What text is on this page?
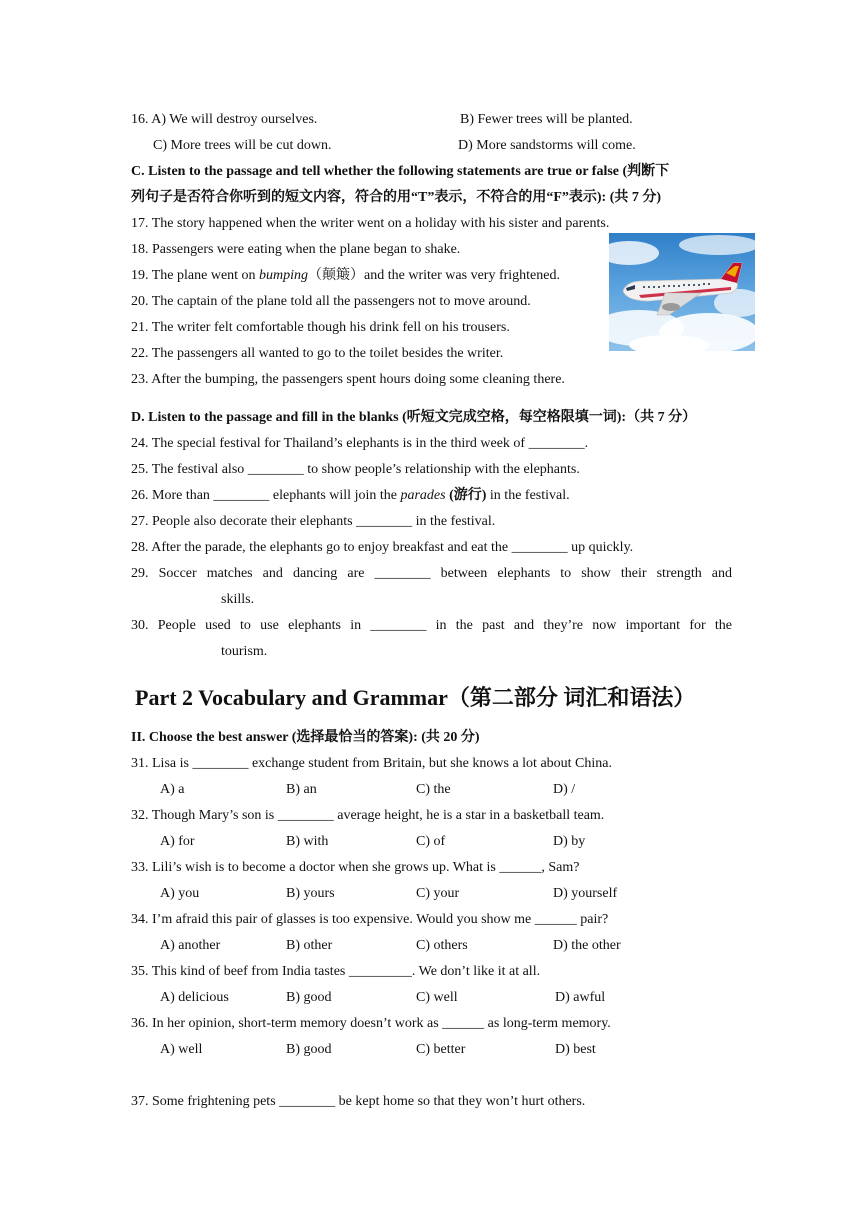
16. A) We will destroy ourselves.	B) Fewer trees will be planted.
C) More trees will be cut down.	D) More sandstorms will come.
C. Listen to the passage and tell whether the following statements are true or false (判断下
列句子是否符合你听到的短文内容，符合的用“T”表示，不符合的用“F”表示): (共 7 分)
17. The story happened when the writer went on a holiday with his sister and parents.
18. Passengers were eating when the plane began to shake.
19. The plane went on bumping（颠簸）and the writer was very frightened.
20. The captain of the plane told all the passengers not to move around.
21. The writer felt comfortable though his drink fell on his trousers.
22. The passengers all wanted to go to the toilet besides the writer.
23. After the bumping, the passengers spent hours doing some cleaning there.
D. Listen to the passage and fill in the blanks (听短文完成空格，每空格限填一词):（共 7 分）
24. The special festival for Thailand’s elephants is in the third week of ________.
25. The festival also ________ to show people’s relationship with the elephants.
26. More than ________ elephants will join the parades (游行) in the festival.
27. People also decorate their elephants ________ in the festival.
28. After the parade, the elephants go to enjoy breakfast and eat the ________ up quickly.
29. Soccer matches and dancing are ________ between elephants to show their strength and
skills.
30. People used to use elephants in ________ in the past and they’re now important for the
tourism.
Part 2 Vocabulary and Grammar（第二部分 词汇和语法）
II. Choose the best answer (选择最恰当的答案): (共 20 分)
31. Lisa is ________ exchange student from Britain, but she knows a lot about China.
A) a	B) an	C) the	D) /
32. Though Mary’s son is ________ average height, he is a star in a basketball team.
A) for	B) with	C) of	D) by
33. Lili’s wish is to become a doctor when she grows up. What is ______, Sam?
A) you	B) yours	C) your	D) yourself
34. I’m afraid this pair of glasses is too expensive. Would you show me ______ pair?
A) another	B) other	C) others	D) the other
35. This kind of beef from India tastes _________. We don’t like it at all.
A) delicious	B) good	C) well	D) awful
36. In her opinion, short-term memory doesn’t work as ______ as long-term memory.
A) well	B) good	C) better	D) best
37. Some frightening pets ________ be kept home so that they won’t hurt others.
